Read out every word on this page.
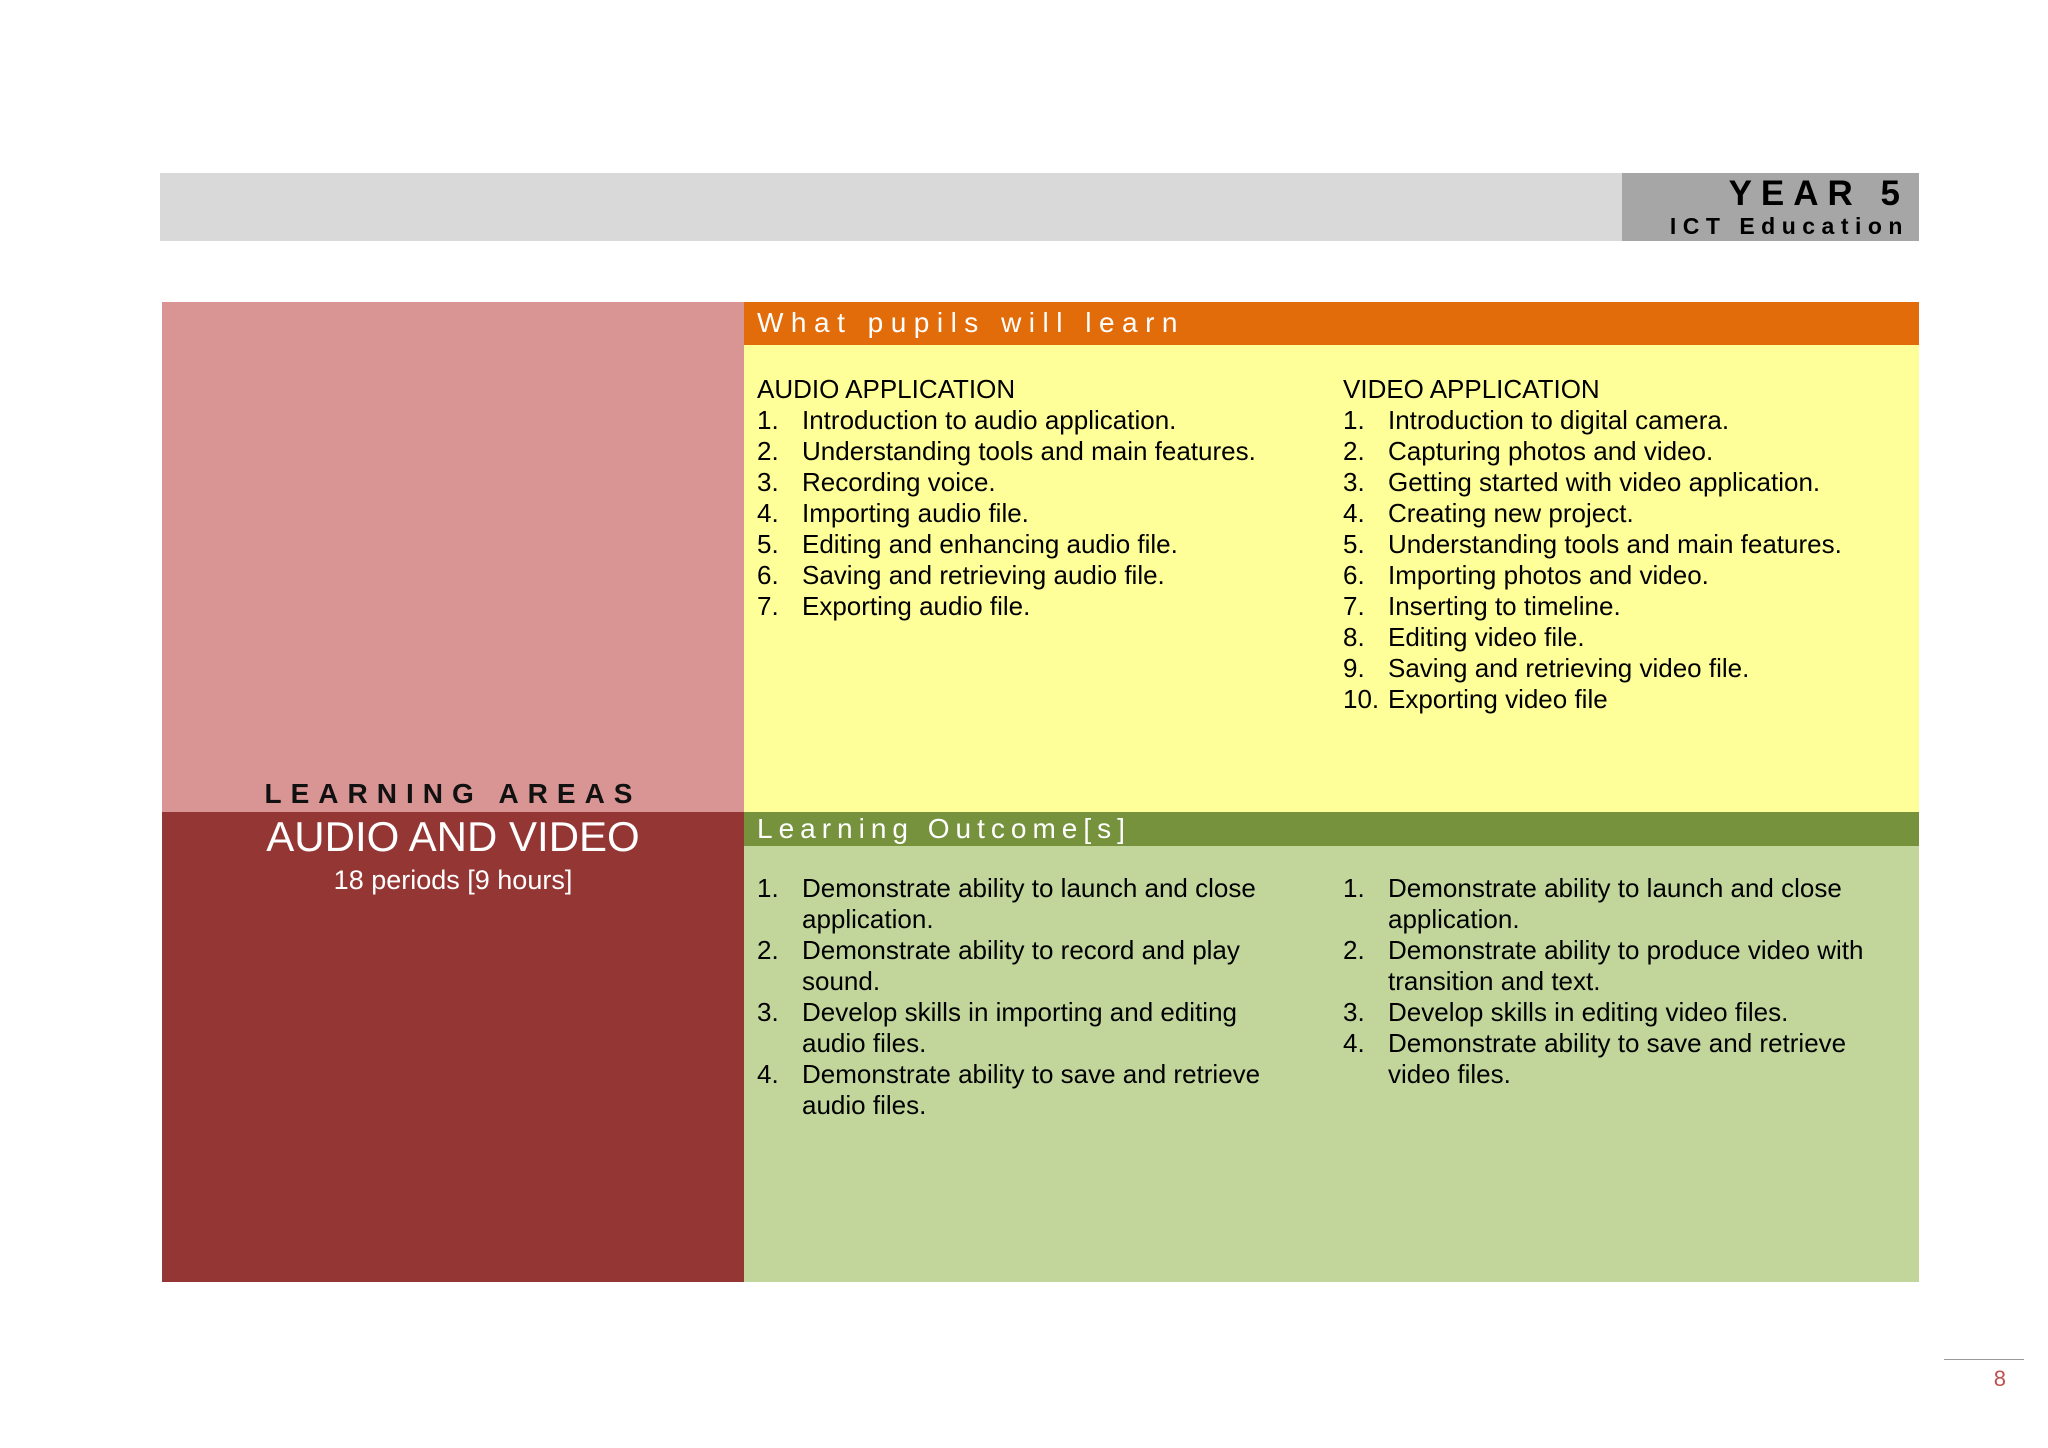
YEAR 5
ICT Education
LEARNING AREAS
AUDIO AND VIDEO
18 periods [9 hours]
What pupils will learn
AUDIO APPLICATION
1. Introduction to audio application.
2. Understanding tools and main features.
3. Recording voice.
4. Importing audio file.
5. Editing and enhancing audio file.
6. Saving and retrieving audio file.
7. Exporting audio file.
VIDEO APPLICATION
1. Introduction to digital camera.
2. Capturing photos and video.
3. Getting started with video application.
4. Creating new project.
5. Understanding tools and main features.
6. Importing photos and video.
7. Inserting to timeline.
8. Editing video file.
9. Saving and retrieving video file.
10. Exporting video file
Learning Outcome[s]
1. Demonstrate ability to launch and close application.
2. Demonstrate ability to record and play sound.
3. Develop skills in importing and editing audio files.
4. Demonstrate ability to save and retrieve audio files.
1. Demonstrate ability to launch and close application.
2. Demonstrate ability to produce video with transition and text.
3. Develop skills in editing video files.
4. Demonstrate ability to save and retrieve video files.
8
